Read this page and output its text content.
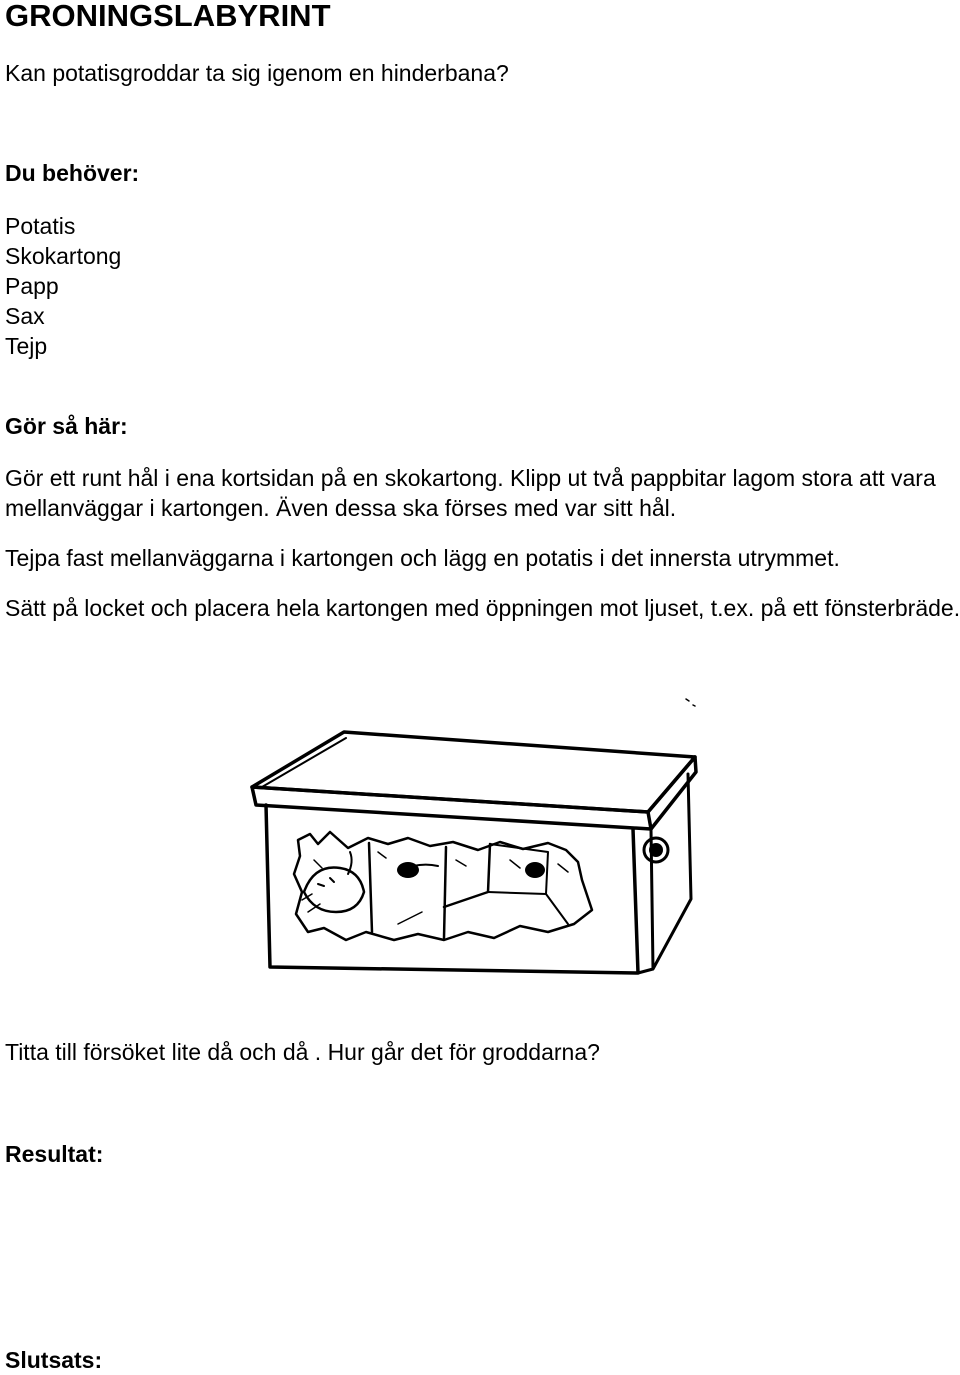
GRONINGSLABYRINT

Kan potatisgroddar ta sig igenom en hinderbana?

Du behöver:
Potatis
Skokartong
Papp
Sax
Tejp
Gör så här:

Gör ett runt hål i ena kortsidan på en skokartong. Klipp ut två pappbitar lagom stora att vara mellanväggar i kartongen. Även dessa ska förses med var sitt hål.

Tejpa fast mellanväggarna i kartongen och lägg en potatis i det innersta utrymmet.

Sätt på locket och placera hela kartongen med öppningen mot ljuset, t.ex. på ett fönsterbräde.

Titta till försöket lite då och då . Hur går det för groddarna?

Resultat:
Slutsats:
